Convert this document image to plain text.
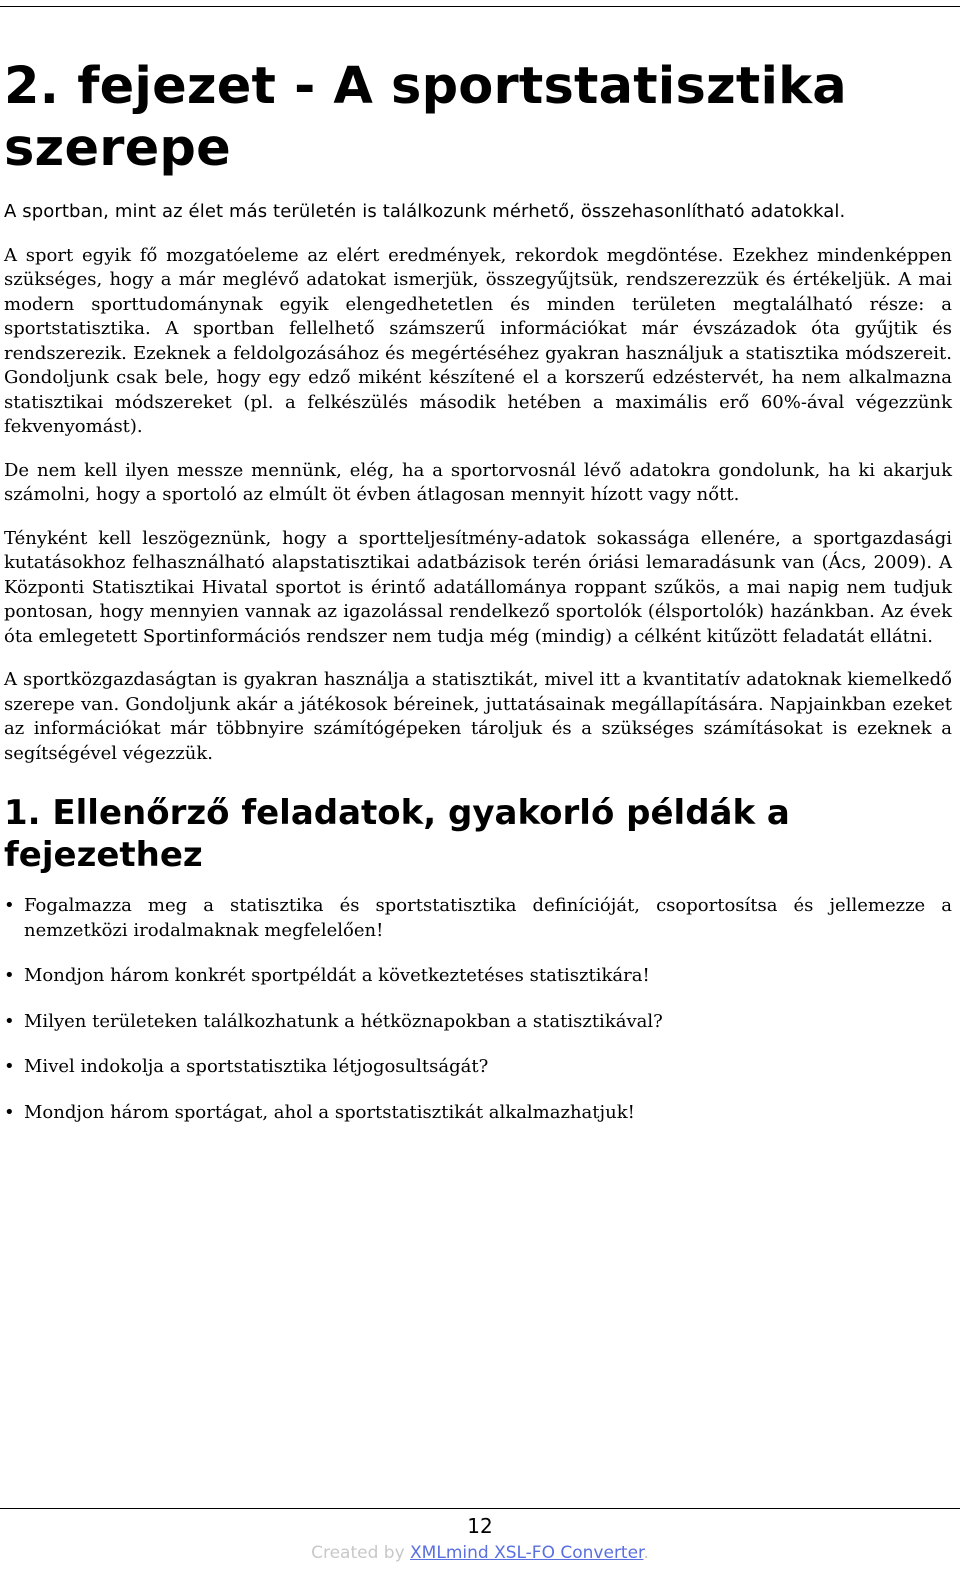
2. fejezet - A sportstatisztika szerepe

A sportban, mint az élet más területén is találkozunk mérhető, összehasonlítható adatokkal.

A sport egyik fő mozgatóeleme az elért eredmények, rekordok megdöntése. Ezekhez mindenképpen szükséges, hogy a már meglévő adatokat ismerjük, összegyűjtsük, rendszerezzük és értékeljük. A mai modern sporttudománynak egyik elengedhetetlen és minden területen megtalálható része: a sportstatisztika. A sportban fellelhető számszerű információkat már évszázadok óta gyűjtik és rendszerezik. Ezeknek a feldolgozásához és megértéséhez gyakran használjuk a statisztika módszereit. Gondoljunk csak bele, hogy egy edző miként készítené el a korszerű edzéstervét, ha nem alkalmazna statisztikai módszereket (pl. a felkészülés második hetében a maximális erő 60%-ával végezzünk fekvenyomást).

De nem kell ilyen messze mennünk, elég, ha a sportorvosnál lévő adatokra gondolunk, ha ki akarjuk számolni, hogy a sportoló az elmúlt öt évben átlagosan mennyit hízott vagy nőtt.

Tényként kell leszögeznünk, hogy a sportteljesítmény-adatok sokassága ellenére, a sportgazdasági kutatásokhoz felhasználható alapstatisztikai adatbázisok terén óriási lemaradásunk van (Ács, 2009). A Központi Statisztikai Hivatal sportot is érintő adatállománya roppant szűkös, a mai napig nem tudjuk pontosan, hogy mennyien vannak az igazolással rendelkező sportolók (élsportolók) hazánkban. Az évek óta emlegetett Sportinformációs rendszer nem tudja még (mindig) a célként kitűzött feladatát ellátni.

A sportközgazdaságtan is gyakran használja a statisztikát, mivel itt a kvantitatív adatoknak kiemelkedő szerepe van. Gondoljunk akár a játékosok béreinek, juttatásainak megállapítására. Napjainkban ezeket az információkat már többnyire számítógépeken tároljuk és a szükséges számításokat is ezeknek a segítségével végezzük.

1. Ellenőrző feladatok, gyakorló példák a fejezethez
• Fogalmazza meg a statisztika és sportstatisztika definícióját, csoportosítsa és jellemezze a nemzetközi irodalmaknak megfelelően!
• Mondjon három konkrét sportpéldát a következtetéses statisztikára!
• Milyen területeken találkozhatunk a hétköznapokban a statisztikával?
• Mivel indokolja a sportstatisztika létjogosultságát?
• Mondjon három sportágat, ahol a sportstatisztikát alkalmazhatjuk!
12
Created by XMLmind XSL-FO Converter.
